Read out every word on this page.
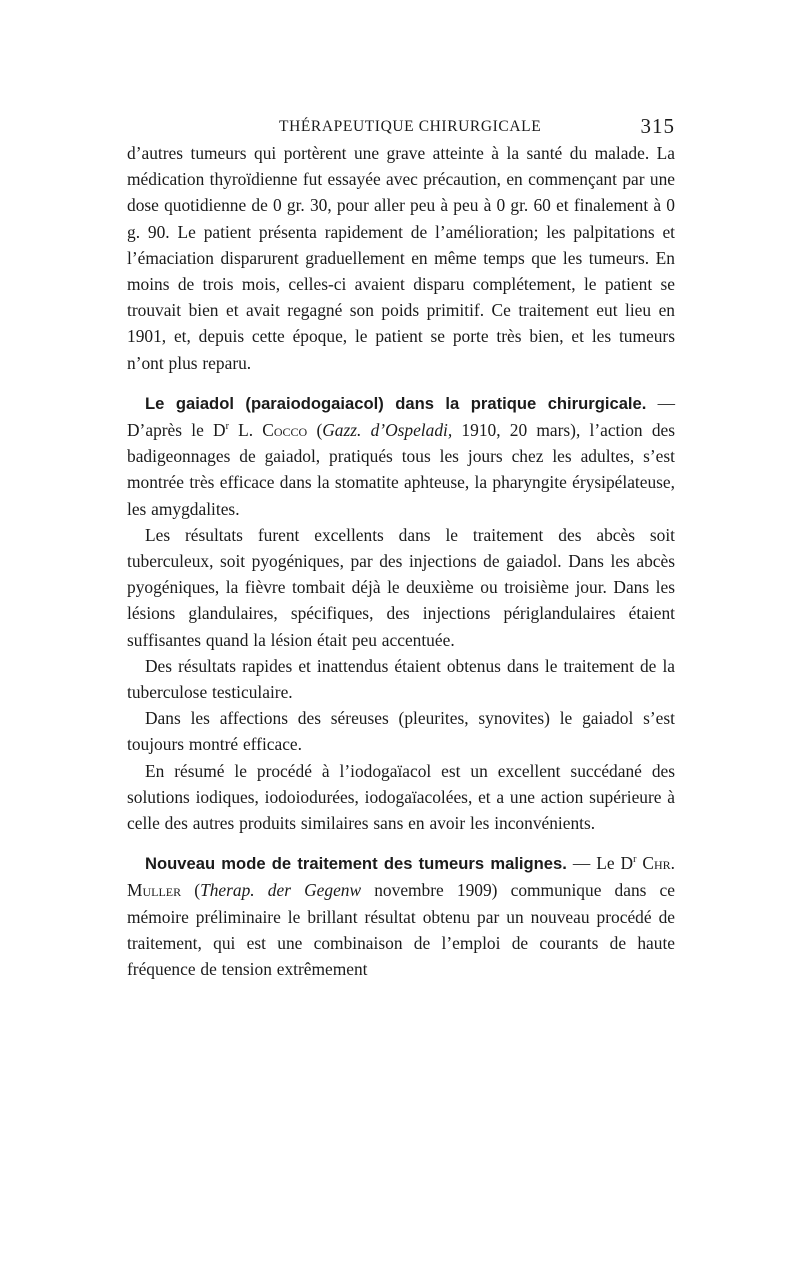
THÉRAPEUTIQUE CHIRURGICALE	315

d’autres tumeurs qui portèrent une grave atteinte à la santé du malade. La médication thyroïdienne fut essayée avec précaution, en commençant par une dose quotidienne de 0 gr. 30, pour aller peu à peu à 0 gr. 60 et finalement à 0 g. 90. Le patient présenta rapidement de l’amélioration; les palpitations et l’émaciation disparurent graduellement en même temps que les tumeurs. En moins de trois mois, celles-ci avaient disparu complétement, le patient se trouvait bien et avait regagné son poids primitif. Ce traitement eut lieu en 1901, et, depuis cette époque, le patient se porte très bien, et les tumeurs n’ont plus reparu.

Le gaiadol (paraiodogaiacol) dans la pratique chirurgicale. — D’après le $D^r$ L. Cocco (Gazz. d’Ospeladi, 1910, 20 mars), l’action des badigeonnages de gaiadol, pratiqués tous les jours chez les adultes, s’est montrée très efficace dans la stomatite aphteuse, la pharyngite érysipélateuse, les amygdalites.

Les résultats furent excellents dans le traitement des abcès soit tuberculeux, soit pyogéniques, par des injections de gaiadol. Dans les abcès pyogéniques, la fièvre tombait déjà le deuxième ou troisième jour. Dans les lésions glandulaires, spécifiques, des injections périglandulaires étaient suffisantes quand la lésion était peu accentuée.

Des résultats rapides et inattendus étaient obtenus dans le traitement de la tuberculose testiculaire.

Dans les affections des séreuses (pleurites, synovites) le gaiadol s’est toujours montré efficace.

En résumé le procédé à l’iodogaïacol est un excellent succédané des solutions iodiques, iodoiodurées, iodogaïacolées, et a une action supérieure à celle des autres produits similaires sans en avoir les inconvénients.

Nouveau mode de traitement des tumeurs malignes. — Le $D^r$ Chr. Muller (Therap. der Gegenw novembre 1909) communique dans ce mémoire préliminaire le brillant résultat obtenu par un nouveau procédé de traitement, qui est une combinaison de l’emploi de courants de haute fréquence de tension extrêmement
